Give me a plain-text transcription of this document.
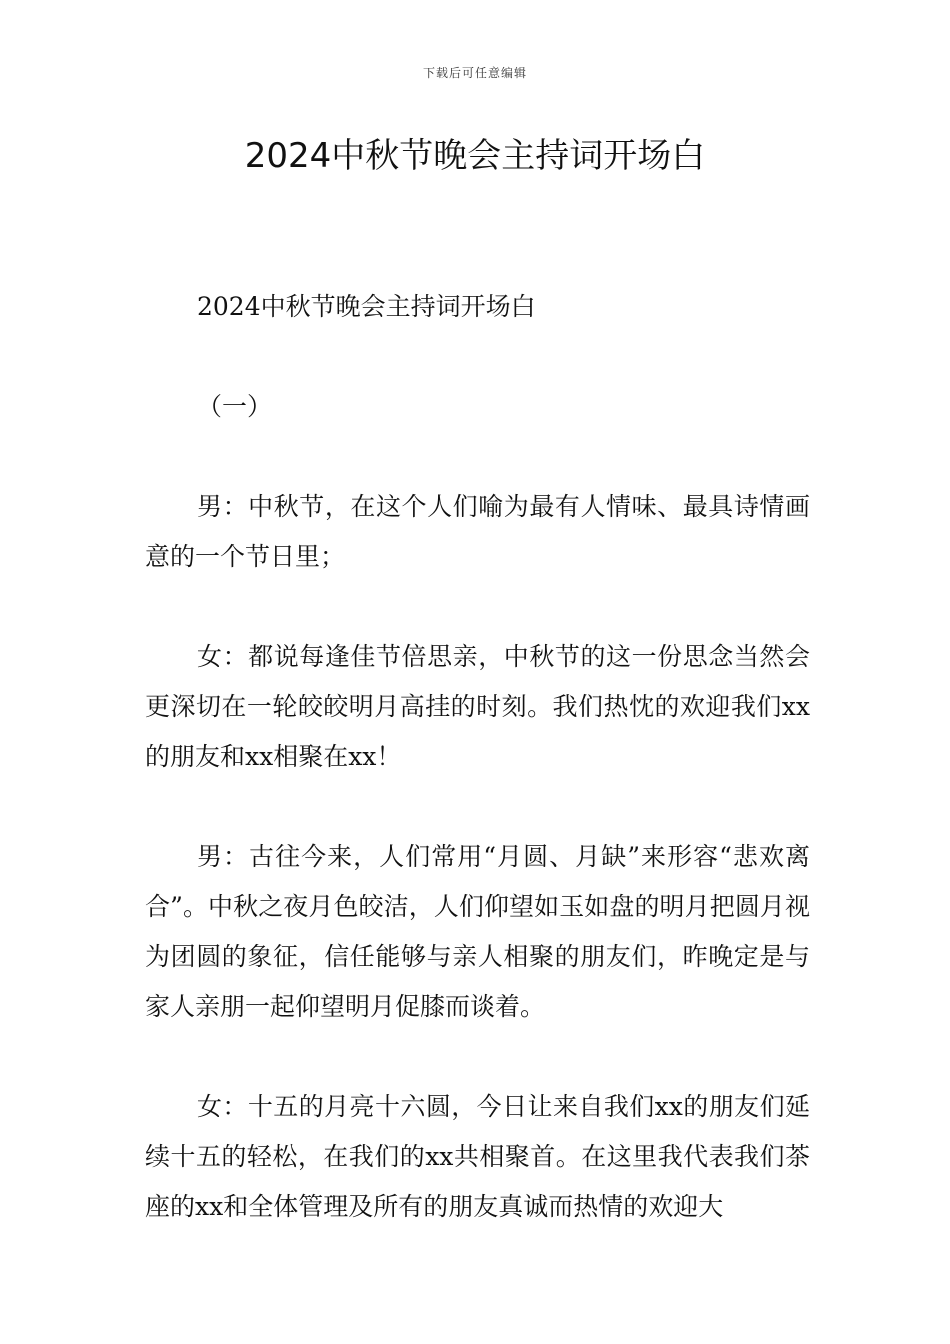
下载后可任意编辑
2024中秋节晚会主持词开场白

2024中秋节晚会主持词开场白

（一）

男：中秋节，在这个人们喻为最有人情味、最具诗情画意的一个节日里；

女：都说每逢佳节倍思亲，中秋节的这一份思念当然会更深切在一轮皎皎明月高挂的时刻。我们热忱的欢迎我们xx的朋友和xx相聚在xx！

男：古往今来，人们常用“月圆、月缺”来形容“悲欢离合”。中秋之夜月色皎洁，人们仰望如玉如盘的明月把圆月视为团圆的象征，信任能够与亲人相聚的朋友们，昨晚定是与家人亲朋一起仰望明月促膝而谈着。

女：十五的月亮十六圆，今日让来自我们xx的朋友们延续十五的轻松，在我们的xx共相聚首。在这里我代表我们茶座的xx和全体管理及所有的朋友真诚而热情的欢迎大
